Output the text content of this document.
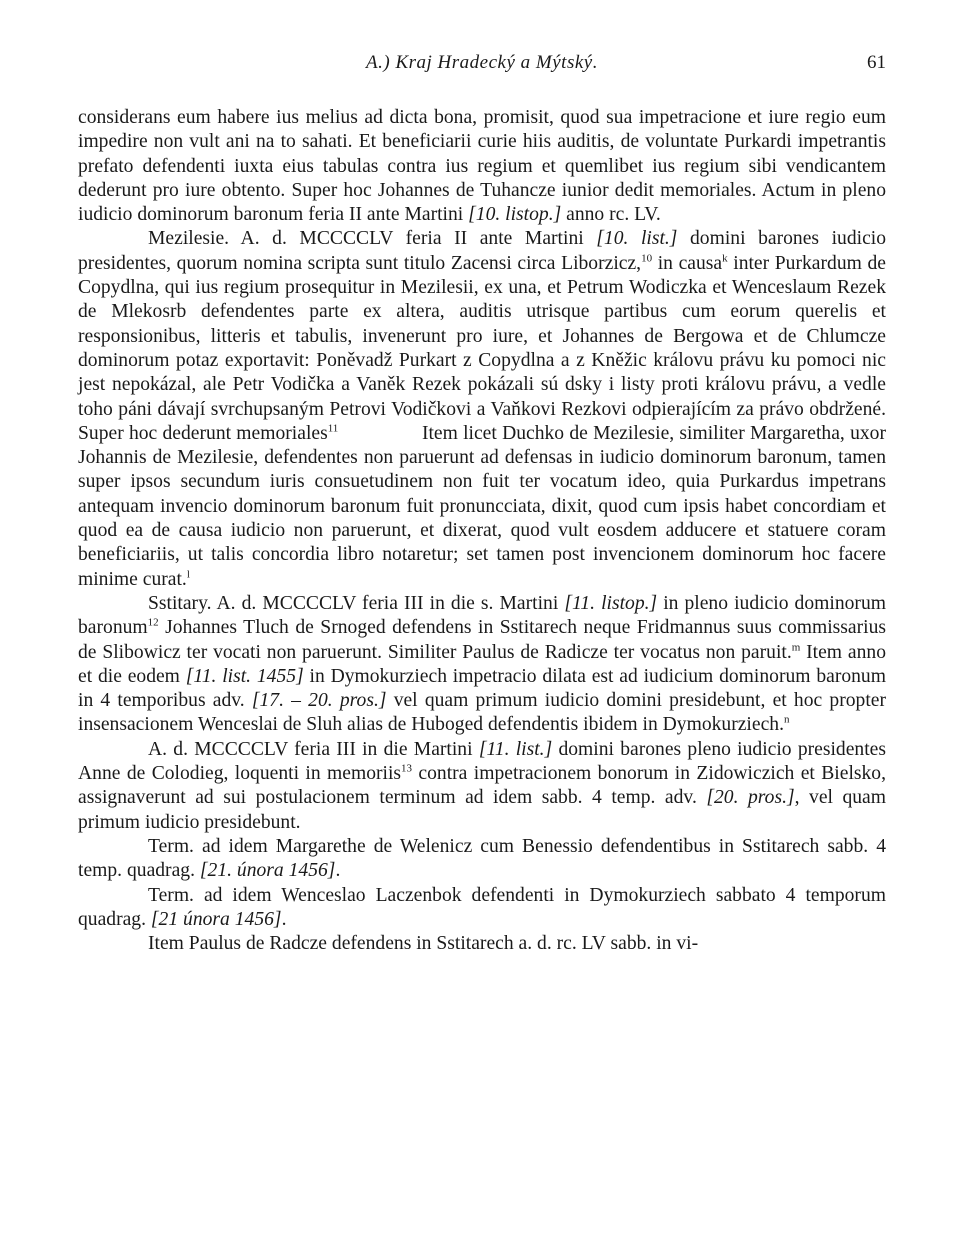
A.) Kraj Hradecký a Mýtský.	61

considerans eum habere ius melius ad dicta bona, promisit, quod sua impetracione et iure regio eum impedire non vult ani na to sahati. Et beneficiarii curie hiis auditis, de voluntate Purkardi impetrantis prefato defendenti iuxta eius tabulas contra ius regium et quemlibet ius regium sibi vendicantem dederunt pro iure obtento. Super hoc Johannes de Tuhancze iunior dedit memoriales. Actum in pleno iudicio dominorum baronum feria II ante Martini [10. listop.] anno rc. LV.

Mezilesie. A. d. MCCCCLV feria II ante Martini [10. list.] domini barones iudicio presidentes, quorum nomina scripta sunt titulo Zacensi circa Liborzicz,$^{10}$ in causa$^k$ inter Purkardum de Copydlna, qui ius regium prosequitur in Mezilesii, ex una, et Petrum Wodiczka et Wenceslaum Rezek de Mlekosrb defendentes parte ex altera, auditis utrisque partibus cum eorum querelis et responsionibus, litteris et tabulis, invenerunt pro iure, et Johannes de Bergowa et de Chlumcze dominorum potaz exportavit: Poněvadž Purkart z Copydlna a z Kněžic královu právu ku pomoci nic jest nepokázal, ale Petr Vodička a Vaněk Rezek pokázali sú dsky i listy proti královu právu, a vedle toho páni dávají svrchupsaným Petrovi Vodičkovi a Vaňkovi Rezkovi odpierajícím za právo obdržené. Super hoc dederunt memoriales$^{11}$     Item licet Duchko de Mezilesie, similiter Margaretha, uxor Johannis de Mezilesie, defendentes non paruerunt ad defensas in iudicio dominorum baronum, tamen super ipsos secundum iuris consuetudinem non fuit ter vocatum ideo, quia Purkardus impetrans antequam invencio dominorum baronum fuit pronuncciata, dixit, quod cum ipsis habet concordiam et quod ea de causa iudicio non paruerunt, et dixerat, quod vult eosdem adducere et statuere coram beneficiariis, ut talis concordia libro notaretur; set tamen post invencionem dominorum hoc facere minime curat.$^l$

Sstitary. A. d. MCCCCLV feria III in die s. Martini [11. listop.] in pleno iudicio dominorum baronum$^{12}$ Johannes Tluch de Srnoged defendens in Sstitarech neque Fridmannus suus commissarius de Slibowicz ter vocati non paruerunt. Similiter Paulus de Radicze ter vocatus non paruit.$^m$ Item anno et die eodem [11. list. 1455] in Dymokurziech impetracio dilata est ad iudicium dominorum baronum in 4 temporibus adv. [17. – 20. pros.] vel quam primum iudicio domini presidebunt, et hoc propter insensacionem Wenceslai de Sluh alias de Huboged defendentis ibidem in Dymokurziech.$^n$

A. d. MCCCCLV feria III in die Martini [11. list.] domini barones pleno iudicio presidentes Anne de Colodieg, loquenti in memoriis$^{13}$ contra impetracionem bonorum in Zidowiczich et Bielsko, assignaverunt ad sui postulacionem terminum ad idem sabb. 4 temp. adv. [20. pros.], vel quam primum iudicio presidebunt.

Term. ad idem Margarethe de Welenicz cum Benessio defendentibus in Sstitarech sabb. 4 temp. quadrag. [21. února 1456].

Term. ad idem Wenceslao Laczenbok defendenti in Dymokurziech sabbato 4 temporum quadrag. [21 února 1456].

Item Paulus de Radcze defendens in Sstitarech a. d. rc. LV sabb. in vi-
